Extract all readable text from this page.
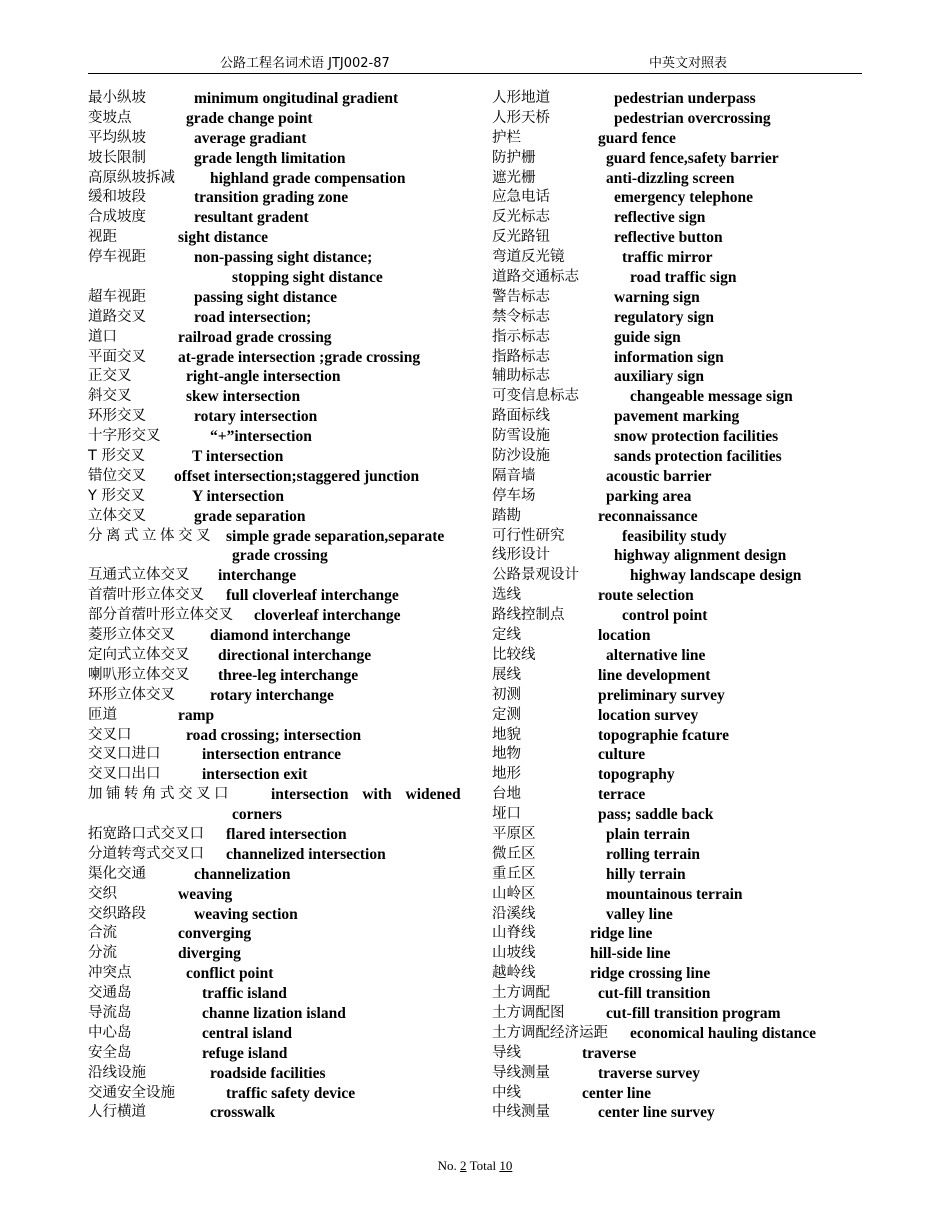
公路工程名词术语 JTJ002-87	中英文对照表
最小纵坡	minimum ongitudinal gradient
变坡点	grade change point
平均纵坡	average gradiant
坡长限制	grade length limitation
高原纵坡拆减 highland grade compensation
缓和坡段	transition grading zone
合成坡度	resultant gradent
视距	sight distance
停车视距	non-passing sight distance;
stopping sight distance
超车视距	passing sight distance
道路交叉	road intersection;
道口	railroad grade crossing
平面交叉 at-grade intersection ;grade crossing
正交叉	right-angle intersection
斜交叉	skew intersection
环形交叉	rotary intersection
十字形交叉	“+”intersection
T 形交叉	T intersection
错位交叉 offset intersection;staggered junction
Y 形交叉	Y intersection
立体交叉	grade separation
分离式立体交叉 simple grade separation,separate
grade crossing
互通式立体交叉 interchange
首蓿叶形立体交叉 full cloverleaf interchange
部分首蓿叶形立体交叉 cloverleaf interchange
菱形立体交叉 diamond interchange
定向式立体交叉 directional interchange
喇叭形立体交叉 three-leg interchange
环形立体交叉 rotary interchange
匝道	ramp
交叉口	road crossing; intersection
交叉口进口	intersection entrance
交叉口出口	intersection exit
加铺转角式交叉口	intersection with widened
corners
拓宽路口式交叉口 flared intersection
分道转弯式交叉口 channelized intersection
渠化交通	channelization
交织	weaving
交织路段	weaving section
合流	converging
分流	diverging
冲突点	conflict point
交通岛	traffic island
导流岛	channe lization island
中心岛	central island
安全岛	refuge island
沿线设施	roadside facilities
交通安全设施	traffic safety device
人行横道	crosswalk
人形地道	pedestrian underpass
人形天桥	pedestrian overcrossing
护栏	guard fence
防护栅	guard fence,safety barrier
遮光栅	anti-dizzling screen
应急电话	emergency telephone
反光标志	reflective sign
反光路钮	reflective button
弯道反光镜	traffic mirror
道路交通标志	road traffic sign
警告标志	warning sign
禁令标志	regulatory sign
指示标志	guide sign
指路标志	information sign
辅助标志	auxiliary sign
可变信息标志	changeable message sign
路面标线	pavement marking
防雪设施	snow protection facilities
防沙设施	sands protection facilities
隔音墙	acoustic barrier
停车场	parking area
踏勘	reconnaissance
可行性研究	feasibility study
线形设计	highway alignment design
公路景观设计	highway landscape design
选线	route selection
路线控制点	control point
定线	location
比较线	alternative line
展线	line development
初测	preliminary survey
定测	location survey
地貌	topographie fcature
地物	culture
地形	topography
台地	terrace
垭口	pass; saddle back
平原区	plain terrain
微丘区	rolling terrain
重丘区	hilly terrain
山岭区	mountainous terrain
沿溪线	valley line
山脊线	ridge line
山坡线	hill-side line
越岭线	ridge crossing line
土方调配	cut-fill transition
土方调配图	cut-fill transition program
土方调配经济运距 economical hauling distance
导线	traverse
导线测量	traverse survey
中线	center line
中线测量	center line survey
No. 2 Total 10
